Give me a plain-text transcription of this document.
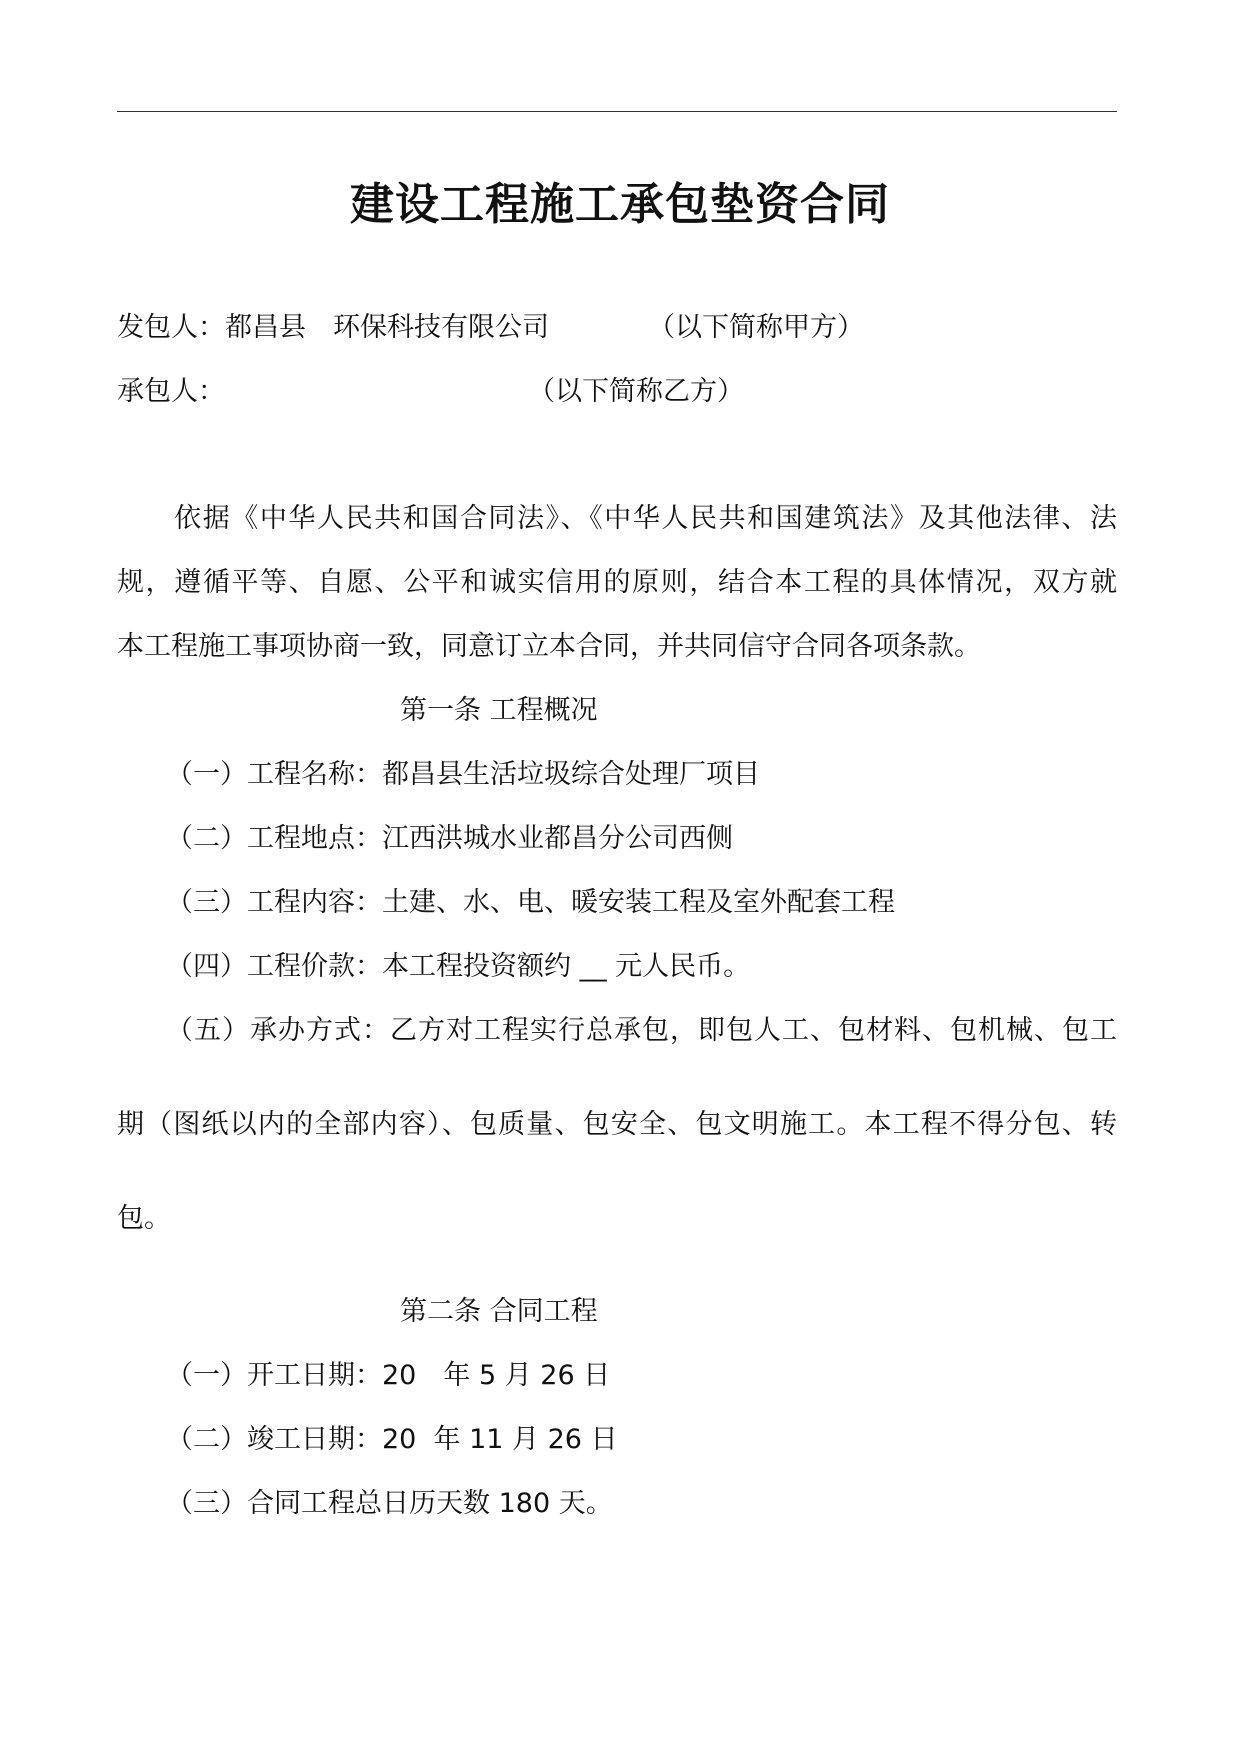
建设工程施工承包垫资合同
发包人：都昌县　环保科技有限公司	（以下简称甲方）
承包人：	（以下简称乙方）
　　依据《中华人民共和国合同法》、《中华人民共和国建筑法》及其他法律、法
规，遵循平等、自愿、公平和诚实信用的原则，结合本工程的具体情况，双方就
本工程施工事项协商一致，同意订立本合同，并共同信守合同各项条款。
第一条 工程概况
（一）工程名称：都昌县生活垃圾综合处理厂项目
（二）工程地点：江西洪城水业都昌分公司西侧
（三）工程内容：土建、水、电、暖安装工程及室外配套工程
（四）工程价款：本工程投资额约 __ 元人民币。
（五）承办方式：乙方对工程实行总承包，即包人工、包材料、包机械、包工
期（图纸以内的全部内容）、包质量、包安全、包文明施工。本工程不得分包、转
包。
第二条 合同工程
（一）开工日期：20　年 5 月 26 日
（二）竣工日期：20  年 11 月 26 日
（三）合同工程总日历天数 180 天。
